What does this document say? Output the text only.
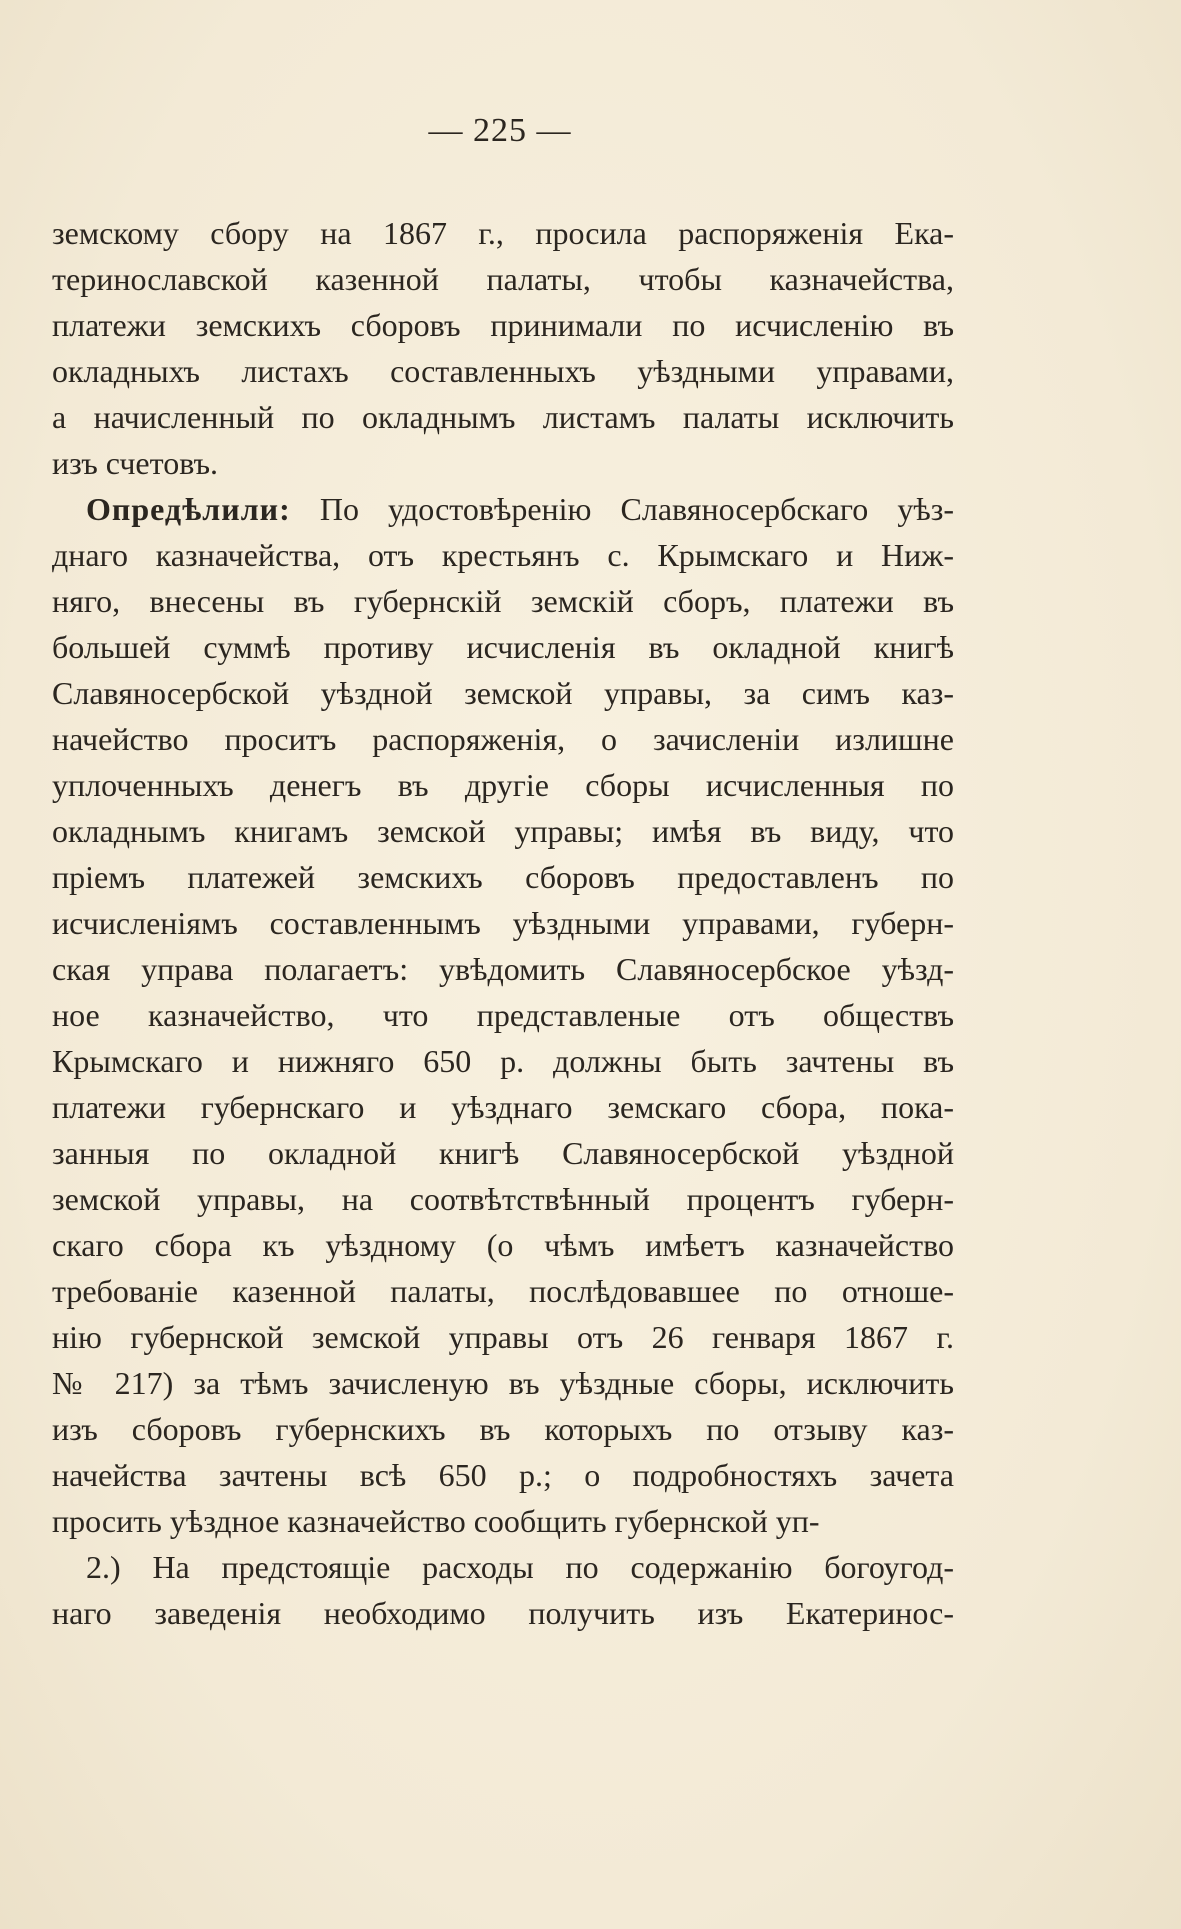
— 225 —
земскому сбору на 1867 г., просила распоряженія Ека-
теринославской казенной палаты, чтобы казначейства,
платежи земскихъ сборовъ принимали по исчисленію въ
окладныхъ листахъ составленныхъ уѣздными управами,
а начисленный по окладнымъ листамъ палаты исключить
изъ счетовъ.
Опредѣлили: По удостовѣренію Славяносербскаго уѣз-
днаго казначейства, отъ крестьянъ с. Крымскаго и Ниж-
няго, внесены въ губернскій земскій сборъ, платежи въ
большей суммѣ противу исчисленія въ окладной книгѣ
Славяносербской уѣздной земской управы, за симъ каз-
начейство проситъ распоряженія, о зачисленіи излишне
уплоченныхъ денегъ въ другіе сборы исчисленныя по
окладнымъ книгамъ земской управы; имѣя въ виду, что
пріемъ платежей земскихъ сборовъ предоставленъ по
исчисленіямъ составленнымъ уѣздными управами, губерн-
ская управа полагаетъ: увѣдомить Славяносербское уѣзд-
ное казначейство, что представленые отъ обществъ
Крымскаго и нижняго 650 р. должны быть зачтены въ
платежи губернскаго и уѣзднаго земскаго сбора, пока-
занныя по окладной книгѣ Славяносербской уѣздной
земской управы, на соотвѣтствѣнный процентъ губерн-
скаго сбора къ уѣздному (о чѣмъ имѣетъ казначейство
требованіе казенной палаты, послѣдовавшее по отноше-
нію губернской земской управы отъ 26 генваря 1867 г.
№ 217) за тѣмъ зачисленую въ уѣздные сборы, исключить
изъ сборовъ губернскихъ въ которыхъ по отзыву каз-
начейства зачтены всѣ 650 р.; о подробностяхъ зачета
просить уѣздное казначейство сообщить губернской уп-
2.) На предстоящіе расходы по содержанію богоугод-
наго заведенія необходимо получить изъ Екатеринос-
